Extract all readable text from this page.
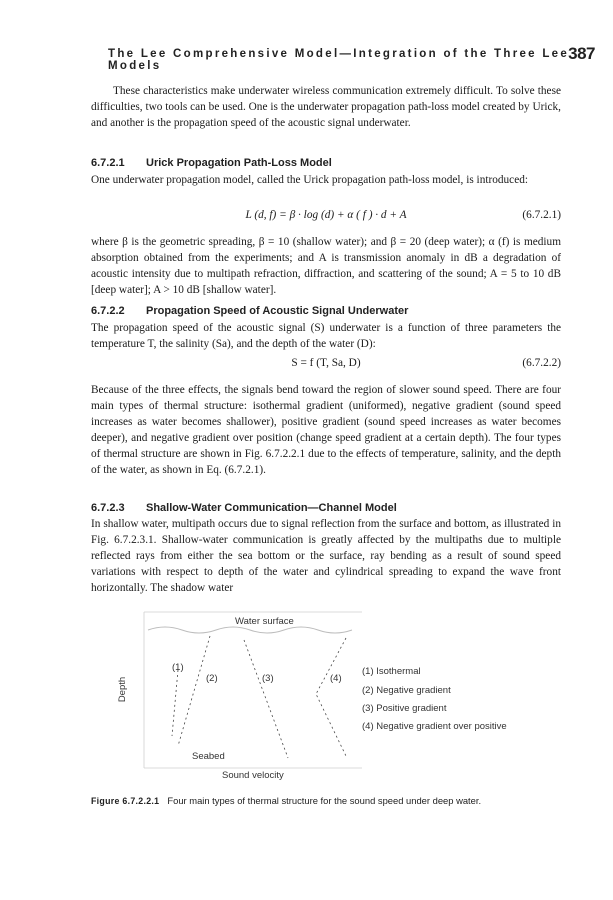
The Lee Comprehensive Model—Integration of the Three Lee Models
387

These characteristics make underwater wireless communication extremely difficult. To solve these difficulties, two tools can be used. One is the underwater propagation path-loss model created by Urick, and another is the propagation speed of the acoustic signal underwater.

6.7.2.1 Urick Propagation Path-Loss Model

One underwater propagation model, called the Urick propagation path-loss model, is introduced:

L (d, f) = β · log (d) + α ( f ) · d + A	(6.7.2.1)

where β is the geometric spreading, β = 10 (shallow water); and β = 20 (deep water); α (f) is medium absorption obtained from the experiments; and A is transmission anomaly in dB a degradation of acoustic intensity due to multipath refraction, diffraction, and scattering of the sound; A = 5 to 10 dB [deep water]; A > 10 dB [shallow water].

6.7.2.2 Propagation Speed of Acoustic Signal Underwater

The propagation speed of the acoustic signal (S) underwater is a function of three parameters the temperature T, the salinity (Sa), and the depth of the water (D):

S = f (T, Sa, D)	(6.7.2.2)

Because of the three effects, the signals bend toward the region of slower sound speed. There are four main types of thermal structure: isothermal gradient (uniformed), negative gradient (sound speed increases as water becomes shallower), positive gradient (sound speed increases as water becomes deeper), and negative gradient over position (change speed gradient at a certain depth). The four types of thermal structure are shown in Fig. 6.7.2.2.1 due to the effects of temperature, salinity, and the depth of the water, as shown in Eq. (6.7.2.1).

6.7.2.3 Shallow-Water Communication—Channel Model

In shallow water, multipath occurs due to signal reflection from the surface and bottom, as illustrated in Fig. 6.7.2.3.1. Shallow-water communication is greatly affected by the multipaths due to multiple reflected rays from either the sea bottom or the surface, ray bending as a result of sound speed variations with respect to depth of the water and cylindrical spreading to expand the wave front horizontally. The shadow water

Water surface
Depth
Seabed
Sound velocity
(1)
(2)	(3)	(4)
(1) Isothermal
(2) Negative gradient
(3) Positive gradient
(4) Negative gradient over positive
Figure 6.7.2.2.1 Four main types of thermal structure for the sound speed under deep water.
